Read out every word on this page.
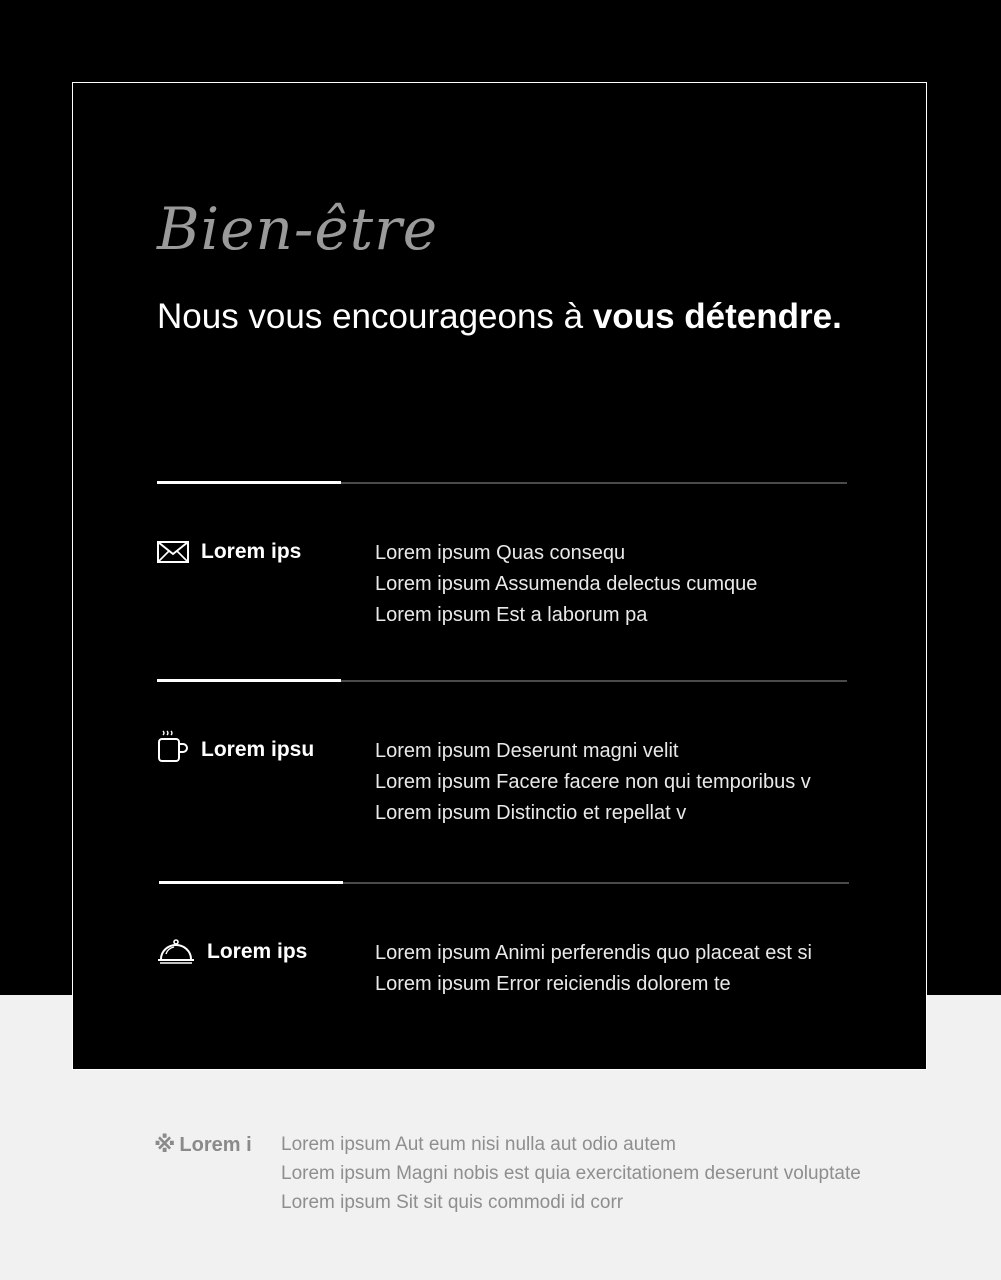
Bien-être
Nous vous encourageons à vous détendre.
Lorem ips	Lorem ipsum Quas consequ
Lorem ipsum Assumenda delectus cumque
Lorem ipsum Est a laborum pa
Lorem ipsu	Lorem ipsum Deserunt magni velit
Lorem ipsum Facere facere non qui temporibus v
Lorem ipsum Distinctio et repellat v
Lorem ips	Lorem ipsum Animi perferendis quo placeat est si
Lorem ipsum Error reiciendis dolorem te
※ Lorem i Lorem ipsum Aut eum nisi nulla aut odio autem
Lorem ipsum Magni nobis est quia exercitationem deserunt voluptate
Lorem ipsum Sit sit quis commodi id corr
